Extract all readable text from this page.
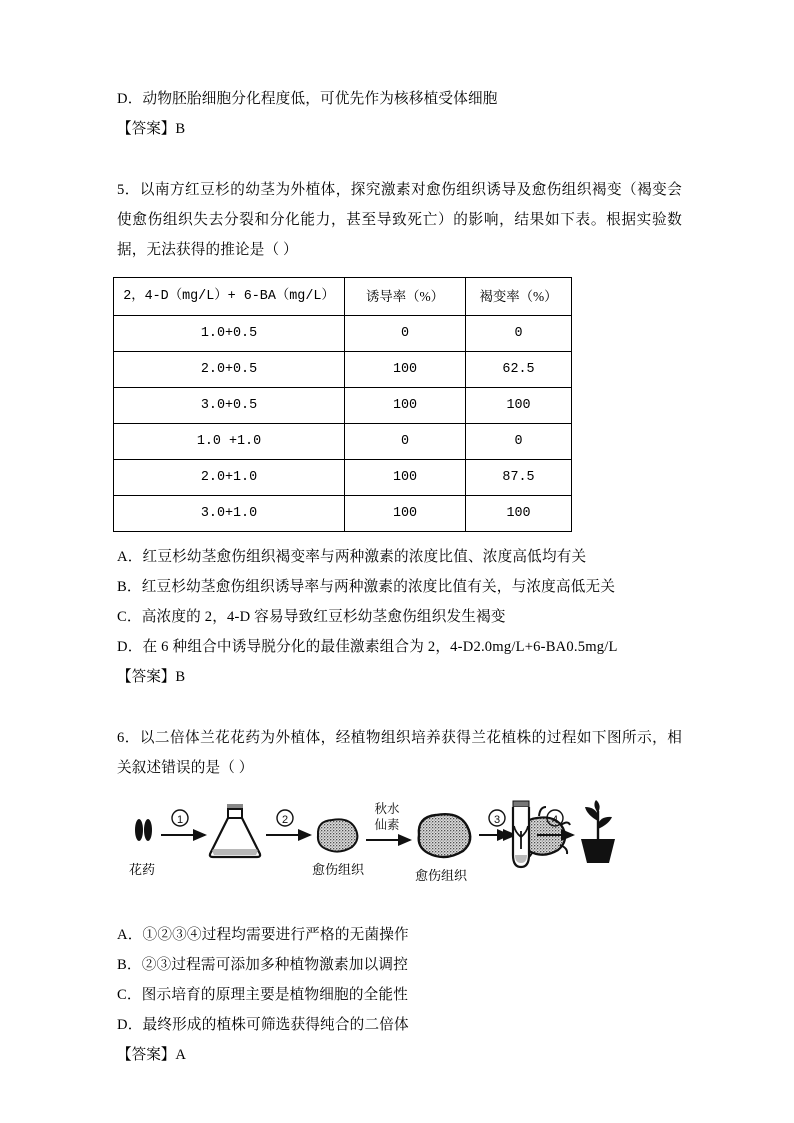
D．动物胚胎细胞分化程度低，可优先作为核移植受体细胞
【答案】B
5．以南方红豆杉的幼茎为外植体，探究激素对愈伤组织诱导及愈伤组织褐变（褐变会使愈伤组织失去分裂和分化能力，甚至导致死亡）的影响，结果如下表。根据实验数据，无法获得的推论是（ ）
2，4-D（mg/L）+ 6-BA（mg/L）	诱导率（%）	褐变率（%）
1.0+0.5	0	0
2.0+0.5	100	62.5
3.0+0.5	100	100
1.0 +1.0	0	0
2.0+1.0	100	87.5
3.0+1.0	100	100
A．红豆杉幼茎愈伤组织褐变率与两种激素的浓度比值、浓度高低均有关
B．红豆杉幼茎愈伤组织诱导率与两种激素的浓度比值有关，与浓度高低无关
C．高浓度的 2，4-D 容易导致红豆杉幼茎愈伤组织发生褐变
D．在 6 种组合中诱导脱分化的最佳激素组合为 2，4-D2.0mg/L+6-BA0.5mg/L
【答案】B
6．以二倍体兰花花药为外植体，经植物组织培养获得兰花植株的过程如下图所示，相关叙述错误的是（ ）
1	2
秋水
仙素	3	4
花药	愈伤组织	愈伤组织
A．①②③④过程均需要进行严格的无菌操作
B．②③过程需可添加多种植物激素加以调控
C．图示培育的原理主要是植物细胞的全能性
D．最终形成的植株可筛选获得纯合的二倍体
【答案】A
